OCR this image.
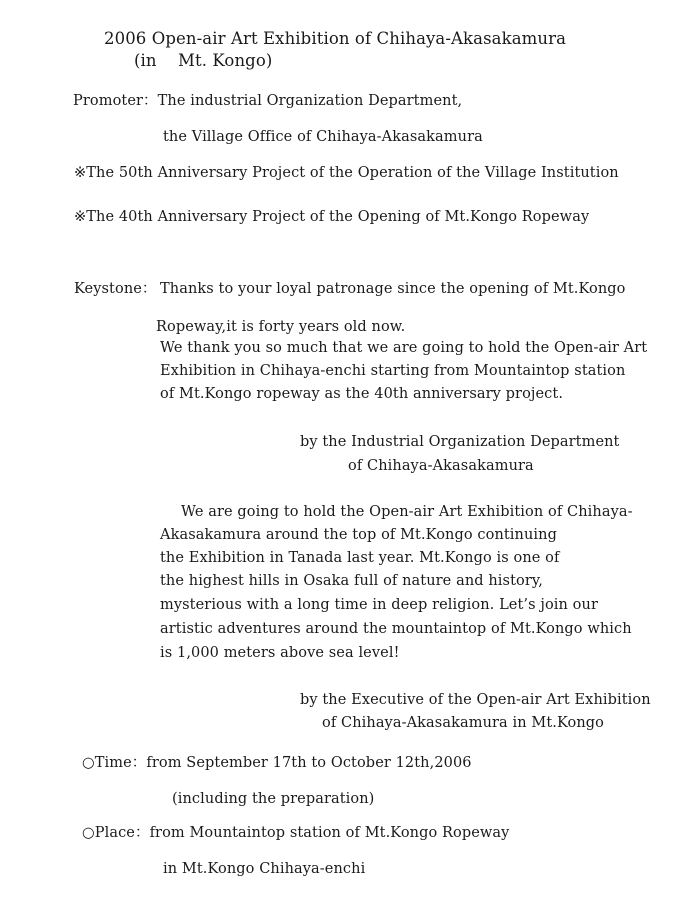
2006 Open-air Art Exhibition of Chihaya-Akasakamura
(in    Mt. Kongo)
Promoter：The industrial Organization Department,
the Village Office of Chihaya-Akasakamura
※The 50th Anniversary Project of the Operation of the Village Institution
※The 40th Anniversary Project of the Opening of Mt.Kongo Ropeway
Keystone： Thanks to your loyal patronage since the opening of Mt.Kongo
Ropeway,it is forty years old now.
We thank you so much that we are going to hold the Open-air Art
Exhibition in Chihaya-enchi starting from Mountaintop station
of Mt.Kongo ropeway as the 40th anniversary project.
by the Industrial Organization Department
of Chihaya-Akasakamura
We are going to hold the Open-air Art Exhibition of Chihaya-
Akasakamura around the top of Mt.Kongo continuing
the Exhibition in Tanada last year. Mt.Kongo is one of
the highest hills in Osaka full of nature and history,
mysterious with a long time in deep religion. Let’s join our
artistic adventures around the mountaintop of Mt.Kongo which
is 1,000 meters above sea level!
by the Executive of the Open-air Art Exhibition
of Chihaya-Akasakamura in Mt.Kongo
○Time：from September 17th to October 12th,2006
(including the preparation)
○Place：from Mountaintop station of Mt.Kongo Ropeway
in Mt.Kongo Chihaya-enchi
